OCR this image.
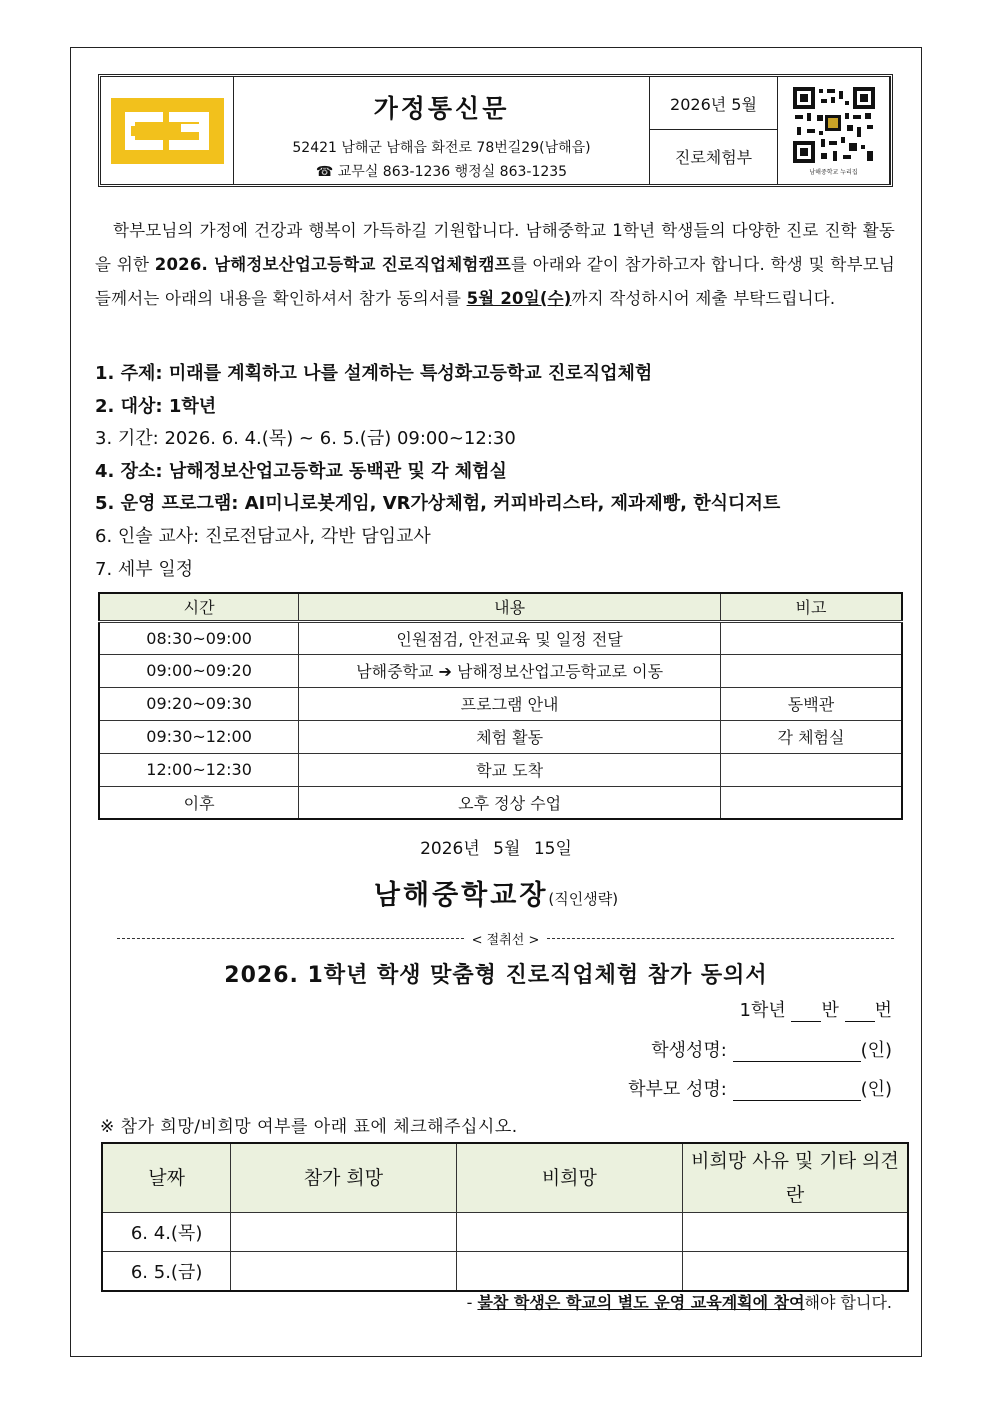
가정통신문
52421 남해군 남해읍 화전로 78번길29(남해읍)
☎ 교무실 863-1236 행정실 863-1235
2026년 5월
진로체험부
남해중학교 누리집
학부모님의 가정에 건강과 행복이 가득하길 기원합니다. 남해중학교 1학년 학생들의 다양한 진로 진학 활동을 위한 2026. 남해정보산업고등학교 진로직업체험캠프를 아래와 같이 참가하고자 합니다. 학생 및 학부모님들께서는 아래의 내용을 확인하셔서 참가 동의서를 5월 20일(수)까지 작성하시어 제출 부탁드립니다.
1. 주제: 미래를 계획하고 나를 설계하는 특성화고등학교 진로직업체험
2. 대상: 1학년
3. 기간: 2026. 6. 4.(목) ~ 6. 5.(금) 09:00~12:30
4. 장소: 남해정보산업고등학교 동백관 및 각 체험실
5. 운영 프로그램: AI미니로봇게임, VR가상체험, 커피바리스타, 제과제빵, 한식디저트
6. 인솔 교사: 진로전담교사, 각반 담임교사
7. 세부 일정
시간	내용	비고
08:30~09:00	인원점검, 안전교육 및 일정 전달	
09:00~09:20	남해중학교 ➔ 남해정보산업고등학교로 이동	
09:20~09:30	프로그램 안내	동백관
09:30~12:00	체험 활동	각 체험실
12:00~12:30	학교 도착	
이후	오후 정상 수업	
2026년 5월 15일
남해중학교장(직인생략)
< 절취선 >
2026. 1학년 학생 맞춤형 진로직업체험 참가 동의서
1학년 반 번
학생성명:	(인)
학부모 성명:	(인)
※ 참가 희망/비희망 여부를 아래 표에 체크해주십시오.
날짜	참가 희망	비희망	비희망 사유 및 기타 의견란
6. 4.(목)			
6. 5.(금)			
- 불참 학생은 학교의 별도 운영 교육계획에 참여해야 합니다.
